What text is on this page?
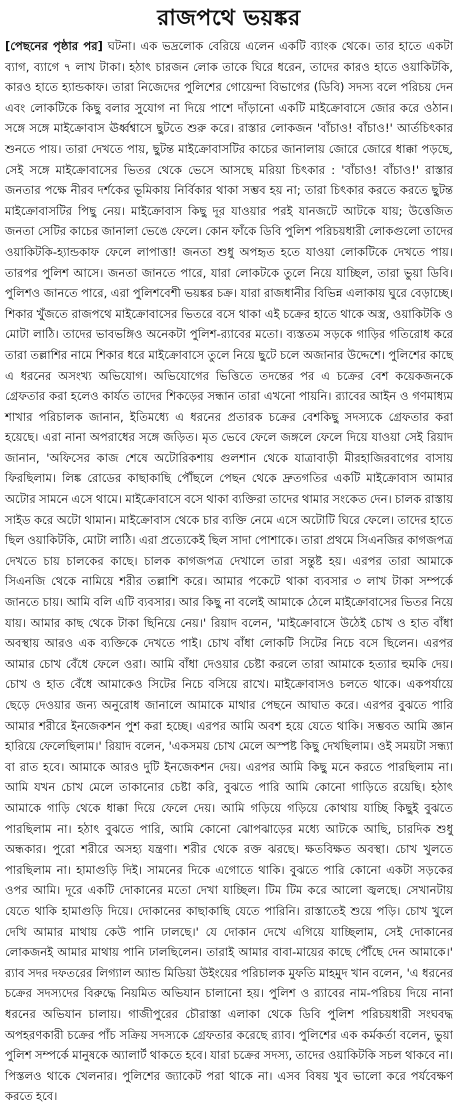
রাজপথে ভয়ঙ্কর

[পেছনের পৃষ্ঠার পর] ঘটনা। এক ভদ্রলোক বেরিয়ে এলেন একটি ব্যাংক থেকে। তার হাতে একটা ব্যাগ, ব্যাগে ৭ লাখ টাকা। হঠাৎ চারজন লোক তাকে ঘিরে ধরেন, তাদের কারও হাতে ওয়াকিটকি, কারও হাতে হ্যান্ডকাফ। তারা নিজেদের পুলিশের গোয়েন্দা বিভাগের (ডিবি) সদস্য বলে পরিচয় দেন এবং লোকটিকে কিছু বলার সুযোগ না দিয়ে পাশে দাঁড়ানো একটি মাইক্রোবাসে জোর করে ওঠান। সঙ্গে সঙ্গে মাইক্রোবাস ঊর্ধ্বশ্বাসে ছুটতে শুরু করে। রাস্তার লোকজন 'বাঁচাও! বাঁচাও!' আর্তচিৎকার শুনতে পায়। তারা দেখতে পায়, ছুটন্ত মাইক্রোবাসটির কাচের জানালায় জোরে জোরে ধাক্কা পড়ছে, সেই সঙ্গে মাইক্রোবাসের ভিতর থেকে ভেসে আসছে মরিয়া চিৎকার : 'বাঁচাও! বাঁচাও!' রাস্তার জনতার পক্ষে নীরব দর্শকের ভূমিকায় নির্বিকার থাকা সম্ভব হয় না; তারা চিৎকার করতে করতে ছুটন্ত মাইক্রোবাসটির পিছু নেয়। মাইক্রোবাস কিছু দূর যাওয়ার পরই যানজটে আটকে যায়; উত্তেজিত জনতা সেটির কাচের জানালা ভেঙে ফেলে। কোন ফাঁকে ডিবি পুলিশ পরিচয়ধারী লোকগুলো তাদের ওয়াকিটকি-হ্যান্ডকাফ ফেলে লাপাত্তা! জনতা শুধু অপহৃত হতে যাওয়া লোকটিকে দেখতে পায়। তারপর পুলিশ আসে। জনতা জানতে পারে, যারা লোকটকে তুলে নিয়ে যাচ্ছিল, তারা ভুয়া ডিবি। পুলিশও জানতে পারে, এরা পুলিশবেশী ভয়ঙ্কর চক্র। যারা রাজধানীর বিভিন্ন এলাকায় ঘুরে বেড়াচ্ছে। শিকার খুঁজতে রাজপথে মাইক্রোবাসের ভিতরে বসে থাকা এই চক্রের হাতে থাকে অস্ত্র, ওয়াকিটকি ও মোটা লাঠি। তাদের ভাবভঙ্গিও অনেকটা পুলিশ-র‌্যাবের মতো। ব্যস্ততম সড়কে গাড়ির গতিরোধ করে তারা তল্লাশির নামে শিকার ধরে মাইক্রোবাসে তুলে নিয়ে ছুটে চলে অজানার উদ্দেশে। পুলিশের কাছে এ ধরনের অসংখ্য অভিযোগ। অভিযোগের ভিত্তিতে তদন্তের পর এ চক্রের বেশ কয়েকজনকে গ্রেফতার করা হলেও কার্যত তাদের শিকড়ের সন্ধান তারা এখনো পায়নি। র‌্যাবের আইন ও গণমাধ্যম শাখার পরিচালক জানান, ইতিমধ্যে এ ধরনের প্রতারক চক্রের বেশকিছু সদস্যকে গ্রেফতার করা হয়েছে। এরা নানা অপরাধের সঙ্গে জড়িত। মৃত ভেবে ফেলে জঙ্গলে ফেলে দিয়ে যাওয়া সেই রিয়াদ জানান, 'অফিসের কাজ শেষে অটোরিকশায় গুলশান থেকে যাত্রাবাড়ী মীরহাজিরবাগের বাসায় ফিরছিলাম। লিঙ্ক রোডের কাছাকাছি পৌঁছলে পেছন থেকে দ্রুতগতির একটি মাইক্রোবাস আমার অটোর সামনে এসে থামে। মাইক্রোবাসে বসে থাকা ব্যক্তিরা তাদের থামার সংকেত দেন। চালক রাস্তায় সাইড করে অটো থামান। মাইক্রোবাস থেকে চার ব্যক্তি নেমে এসে অটোটি ঘিরে ফেলে। তাদের হাতে ছিল ওয়াকিটকি, মোটা লাঠি। এরা প্রত্যেকেই ছিল সাদা পোশাকে। তারা প্রথমে সিএনজির কাগজপত্র দেখতে চায় চালকের কাছে। চালক কাগজপত্র দেখালে তারা সন্তুষ্ট হয়। এরপর তারা আমাকে সিএনজি থেকে নামিয়ে শরীর তল্লাশি করে। আমার পকেটে থাকা ব্যবসার ৩ লাখ টাকা সম্পর্কে জানতে চায়। আমি বলি এটি ব্যবসার। আর কিছু না বলেই আমাকে ঠেলে মাইক্রোবাসের ভিতর নিয়ে যায়। আমার কাছ থেকে টাকা ছিনিয়ে নেয়।' রিয়াদ বলেন, 'মাইক্রোবাসে উঠেই চোখ ও হাত বাঁধা অবস্থায় আরও এক ব্যক্তিকে দেখতে পাই। চোখ বাঁধা লোকটি সিটের নিচে বসে ছিলেন। এরপর আমার চোখ বেঁধে ফেলে ওরা। আমি বাঁধা দেওয়ার চেষ্টা করলে তারা আমাকে হত্যার হুমকি দেয়। চোখ ও হাত বেঁধে আমাকেও সিটের নিচে বসিয়ে রাখে। মাইক্রোবাসও চলতে থাকে। একপর্যায়ে ছেড়ে দেওয়ার জন্য অনুরোধ জানালে আমাকে মাথার পেছনে আঘাত করে। এরপর বুঝতে পারি আমার শরীরে ইনজেকশন পুশ করা হচ্ছে। এরপর আমি অবশ হয়ে যেতে থাকি। সম্ভবত আমি জ্ঞান হারিয়ে ফেলেছিলাম।' রিয়াদ বলেন, 'একসময় চোখ মেলে অস্পষ্ট কিছু দেখছিলাম। ওই সময়টা সন্ধ্যা বা রাত হবে। আমাকে আরও দুটি ইনজেকশন দেয়। এরপর আমি কিছু মনে করতে পারছিলাম না। আমি যখন চোখ মেলে তাকানোর চেষ্টা করি, বুঝতে পারি আমি কোনো গাড়িতে রয়েছি। হঠাৎ আমাকে গাড়ি থেকে ধাক্কা দিয়ে ফেলে দেয়। আমি গড়িয়ে গড়িয়ে কোথায় যাচ্ছি কিছুই বুঝতে পারছিলাম না। হঠাৎ বুঝতে পারি, আমি কোনো ঝোপঝাড়ের মধ্যে আটকে আছি, চারদিক শুধু অন্ধকার। পুরো শরীরে অসহ্য যন্ত্রণা। শরীর থেকে রক্ত ঝরছে। ক্ষতবিক্ষত অবস্থা। চোখ খুলতে পারছিলাম না। হামাগুড়ি দিই। সামনের দিকে এগোতে থাকি। বুঝতে পারি কোনো একটা সড়কের ওপর আমি। দূরে একটি দোকানের মতো দেখা যাচ্ছিল। টিম টিম করে আলো জ্বলছে। সেখানটায় যেতে থাকি হামাগুড়ি দিয়ে। দোকানের কাছাকাছি যেতে পারিনি। রাস্তাতেই শুয়ে পড়ি। চোখ খুলে দেখি আমার মাথায় কেউ পানি ঢালছে।' যে দোকান দেখে এগিয়ে যাচ্ছিলাম, সেই দোকানের লোকজনই আমার মাথায় পানি ঢালছিলেন। তারাই আমার বাবা-মায়ের কাছে পৌঁছে দেন আমাকে।' র‌্যাব সদর দফতরের লিগ্যাল অ্যান্ড মিডিয়া উইংয়ের পরিচালক মুফতি মাহমুদ খান বলেন, 'এ ধরনের চক্রের সদস্যদের বিরুদ্ধে নিয়মিত অভিযান চালানো হয়। পুলিশ ও র‌্যাবের নাম-পরিচয় দিয়ে নানা ধরনের অভিযান চালায়। গাজীপুরের চৌরাস্তা এলাকা থেকে ডিবি পুলিশ পরিচয়ধারী সংঘবদ্ধ অপহরণকারী চক্রের পাঁচ সক্রিয় সদস্যকে গ্রেফতার করেছে র‌্যাব। পুলিশের এক কর্মকর্তা বলেন, ভুয়া পুলিশ সম্পর্কে মানুষকে অ্যালার্ট থাকতে হবে। যারা চক্রের সদস্য, তাদের ওয়াকিটকি সচল থাকবে না। পিস্তলও থাকে খেলনার। পুলিশের জ্যাকেট পরা থাকে না। এসব বিষয় খুব ভালো করে পর্যবেক্ষণ করতে হবে।
